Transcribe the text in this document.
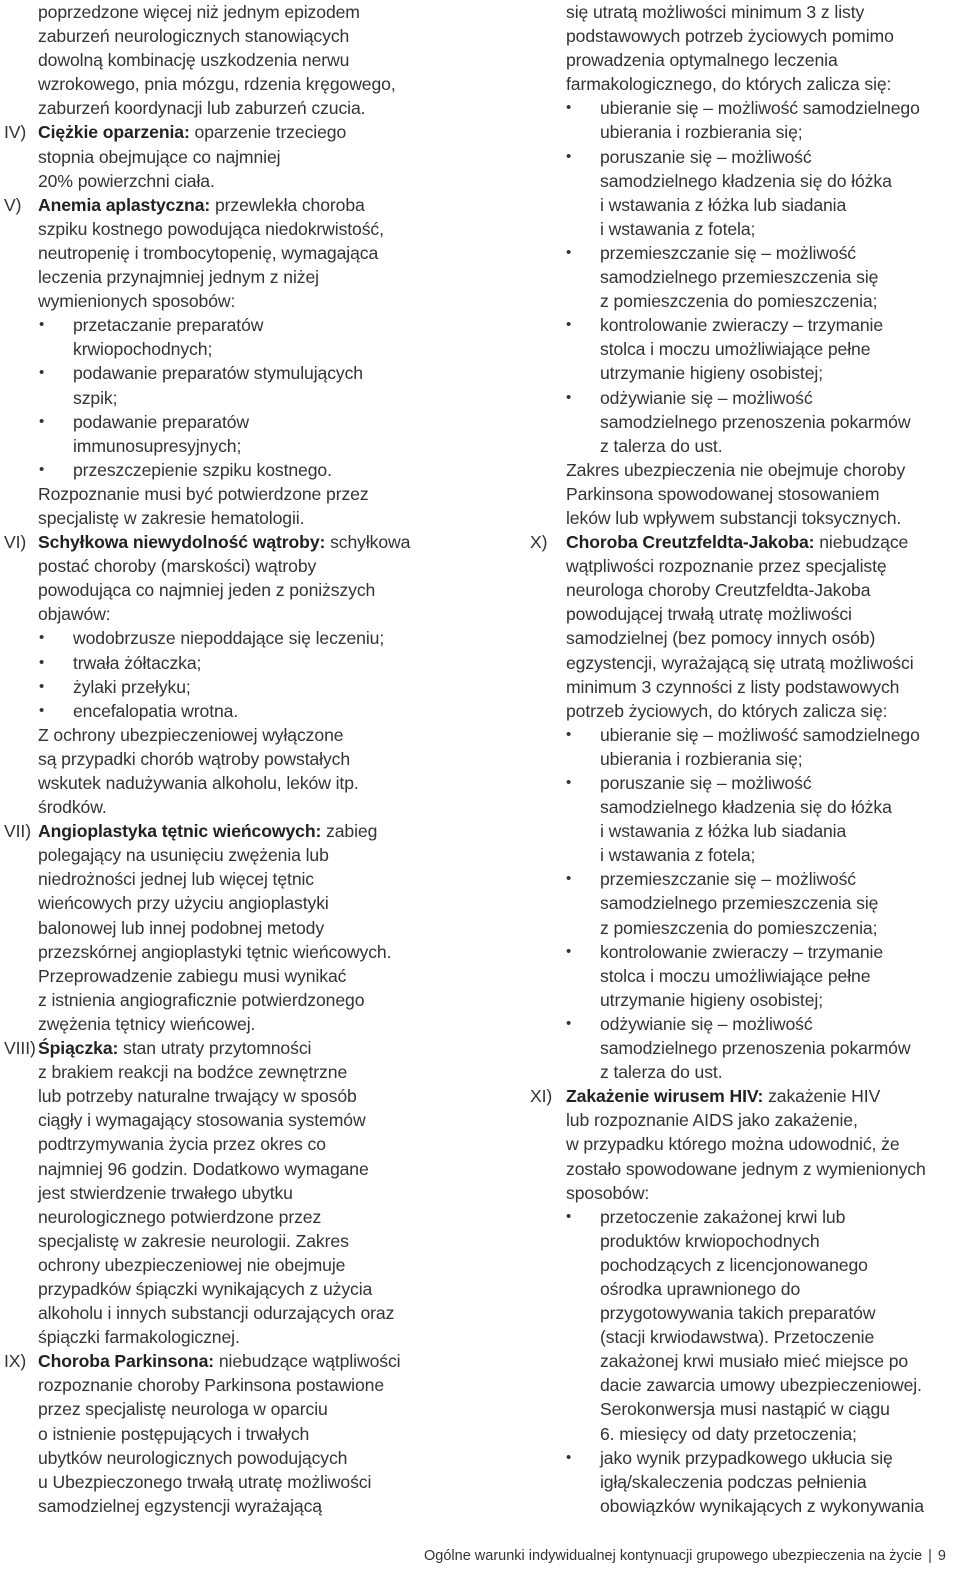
poprzedzone więcej niż jednym epizodem
zaburzeń neurologicznych stanowiących
dowolną kombinację uszkodzenia nerwu
wzrokowego, pnia mózgu, rdzenia kręgowego,
zaburzeń koordynacji lub zaburzeń czucia.
IV) Ciężkie oparzenia: oparzenie trzeciego
stopnia obejmujące co najmniej
20% powierzchni ciała.
V) Anemia aplastyczna: przewlekła choroba
szpiku kostnego powodująca niedokrwistość,
neutropenię i trombocytopenię, wymagająca
leczenia przynajmniej jednym z niżej
wymienionych sposobów:
• przetaczanie preparatów
krwiopochodnych;
• podawanie preparatów stymulujących
szpik;
• podawanie preparatów
immunosupresyjnych;
• przeszczepienie szpiku kostnego.
Rozpoznanie musi być potwierdzone przez
specjalistę w zakresie hematologii.
VI) Schyłkowa niewydolność wątroby: schyłkowa
postać choroby (marskości) wątroby
powodująca co najmniej jeden z poniższych
objawów:
• wodobrzusze niepoddające się leczeniu;
• trwała żółtaczka;
• żylaki przełyku;
• encefalopatia wrotna.
Z ochrony ubezpieczeniowej wyłączone
są przypadki chorób wątroby powstałych
wskutek nadużywania alkoholu, leków itp.
środków.
VII) Angioplastyka tętnic wieńcowych: zabieg
polegający na usunięciu zwężenia lub
niedrożności jednej lub więcej tętnic
wieńcowych przy użyciu angioplastyki
balonowej lub innej podobnej metody
przezskórnej angioplastyki tętnic wieńcowych.
Przeprowadzenie zabiegu musi wynikać
z istnienia angiograficznie potwierdzonego
zwężenia tętnicy wieńcowej.
VIII) Śpiączka: stan utraty przytomności
z brakiem reakcji na bodźce zewnętrzne
lub potrzeby naturalne trwający w sposób
ciągły i wymagający stosowania systemów
podtrzymywania życia przez okres co
najmniej 96 godzin. Dodatkowo wymagane
jest stwierdzenie trwałego ubytku
neurologicznego potwierdzone przez
specjalistę w zakresie neurologii. Zakres
ochrony ubezpieczeniowej nie obejmuje
przypadków śpiączki wynikających z użycia
alkoholu i innych substancji odurzających oraz
śpiączki farmakologicznej.
IX) Choroba Parkinsona: niebudzące wątpliwości
rozpoznanie choroby Parkinsona postawione
przez specjalistę neurologa w oparciu
o istnienie postępujących i trwałych
ubytków neurologicznych powodujących
u Ubezpieczonego trwałą utratę możliwości
samodzielnej egzystencji wyrażającą
się utratą możliwości minimum 3 z listy
podstawowych potrzeb życiowych pomimo
prowadzenia optymalnego leczenia
farmakologicznego, do których zalicza się:
• ubieranie się – możliwość samodzielnego
ubierania i rozbierania się;
• poruszanie się – możliwość
samodzielnego kładzenia się do łóżka
i wstawania z łóżka lub siadania
i wstawania z fotela;
• przemieszczanie się – możliwość
samodzielnego przemieszczenia się
z pomieszczenia do pomieszczenia;
• kontrolowanie zwieraczy – trzymanie
stolca i moczu umożliwiające pełne
utrzymanie higieny osobistej;
• odżywianie się – możliwość
samodzielnego przenoszenia pokarmów
z talerza do ust.
Zakres ubezpieczenia nie obejmuje choroby
Parkinsona spowodowanej stosowaniem
leków lub wpływem substancji toksycznych.
X) Choroba Creutzfeldta-Jakoba: niebudzące
wątpliwości rozpoznanie przez specjalistę
neurologa choroby Creutzfeldta-Jakoba
powodującej trwałą utratę możliwości
samodzielnej (bez pomocy innych osób)
egzystencji, wyrażającą się utratą możliwości
minimum 3 czynności z listy podstawowych
potrzeb życiowych, do których zalicza się:
• ubieranie się – możliwość samodzielnego
ubierania i rozbierania się;
• poruszanie się – możliwość
samodzielnego kładzenia się do łóżka
i wstawania z łóżka lub siadania
i wstawania z fotela;
• przemieszczanie się – możliwość
samodzielnego przemieszczenia się
z pomieszczenia do pomieszczenia;
• kontrolowanie zwieraczy – trzymanie
stolca i moczu umożliwiające pełne
utrzymanie higieny osobistej;
• odżywianie się – możliwość
samodzielnego przenoszenia pokarmów
z talerza do ust.
XI) Zakażenie wirusem HIV: zakażenie HIV
lub rozpoznanie AIDS jako zakażenie,
w przypadku którego można udowodnić, że
zostało spowodowane jednym z wymienionych
sposobów:
• przetoczenie zakażonej krwi lub
produktów krwiopochodnych
pochodzących z licencjonowanego
ośrodka uprawnionego do
przygotowywania takich preparatów
(stacji krwiodawstwa). Przetoczenie
zakażonej krwi musiało mieć miejsce po
dacie zawarcia umowy ubezpieczeniowej.
Serokonwersja musi nastąpić w ciągu
6. miesięcy od daty przetoczenia;
• jako wynik przypadkowego ukłucia się
igłą/skaleczenia podczas pełnienia
obowiązków wynikających z wykonywania
Ogólne warunki indywidualnej kontynuacji grupowego ubezpieczenia na życie | 9
